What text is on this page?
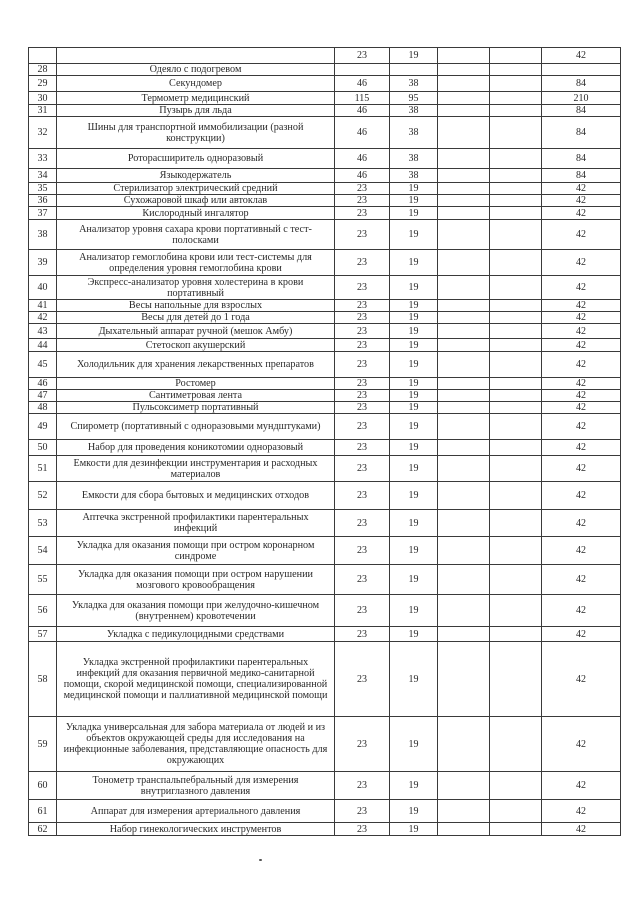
		23	19			42
28	Одеяло с подогревом					
29	Секундомер	46	38			84
30	Термометр медицинский	115	95			210
31	Пузырь для льда	46	38			84
32	Шины для транспортной иммобилизации (разной конструкции)	46	38			84
33	Роторасширитель одноразовый	46	38			84
34	Языкодержатель	46	38			84
35	Стерилизатор электрический средний	23	19			42
36	Сухожаровой шкаф или автоклав	23	19			42
37	Кислородный ингалятор	23	19			42
38	Анализатор уровня сахара крови портативный с тест-полосками	23	19			42
39	Анализатор гемоглобина крови или тест-системы для определения уровня гемоглобина крови	23	19			42
40	Экспресс-анализатор уровня холестерина в крови портативный	23	19			42
41	Весы напольные для взрослых	23	19			42
42	Весы для детей до 1 года	23	19			42
43	Дыхательный аппарат ручной (мешок Амбу)	23	19			42
44	Стетоскоп акушерский	23	19			42
45	Холодильник для хранения лекарственных препаратов	23	19			42
46	Ростомер	23	19			42
47	Сантиметровая лента	23	19			42
48	Пульсоксиметр портативный	23	19			42
49	Спирометр (портативный с одноразовыми мундштуками)	23	19			42
50	Набор для проведения коникотомии одноразовый	23	19			42
51	Емкости для дезинфекции инструментария и расходных материалов	23	19			42
52	Емкости для сбора бытовых и медицинских отходов	23	19			42
53	Аптечка экстренной профилактики парентеральных инфекций	23	19			42
54	Укладка для оказания помощи при остром коронарном синдроме	23	19			42
55	Укладка для оказания помощи при остром нарушении мозгового кровообращения	23	19			42
56	Укладка для оказания помощи при желудочно-кишечном (внутреннем) кровотечении	23	19			42
57	Укладка с педикулоцидными средствами	23	19			42
58	Укладка экстренной профилактики парентеральных инфекций для оказания первичной медико-санитарной помощи, скорой медицинской помощи, специализированной медицинской помощи и паллиативной медицинской помощи	23	19			42
59	Укладка универсальная для забора материала от людей и из объектов окружающей среды для исследования на инфекционные заболевания, представляющие опасность для окружающих	23	19			42
60	Тонометр транспальпебральный для измерения внутриглазного давления	23	19			42
61	Аппарат для измерения артериального давления	23	19			42
62	Набор гинекологических инструментов	23	19			42
